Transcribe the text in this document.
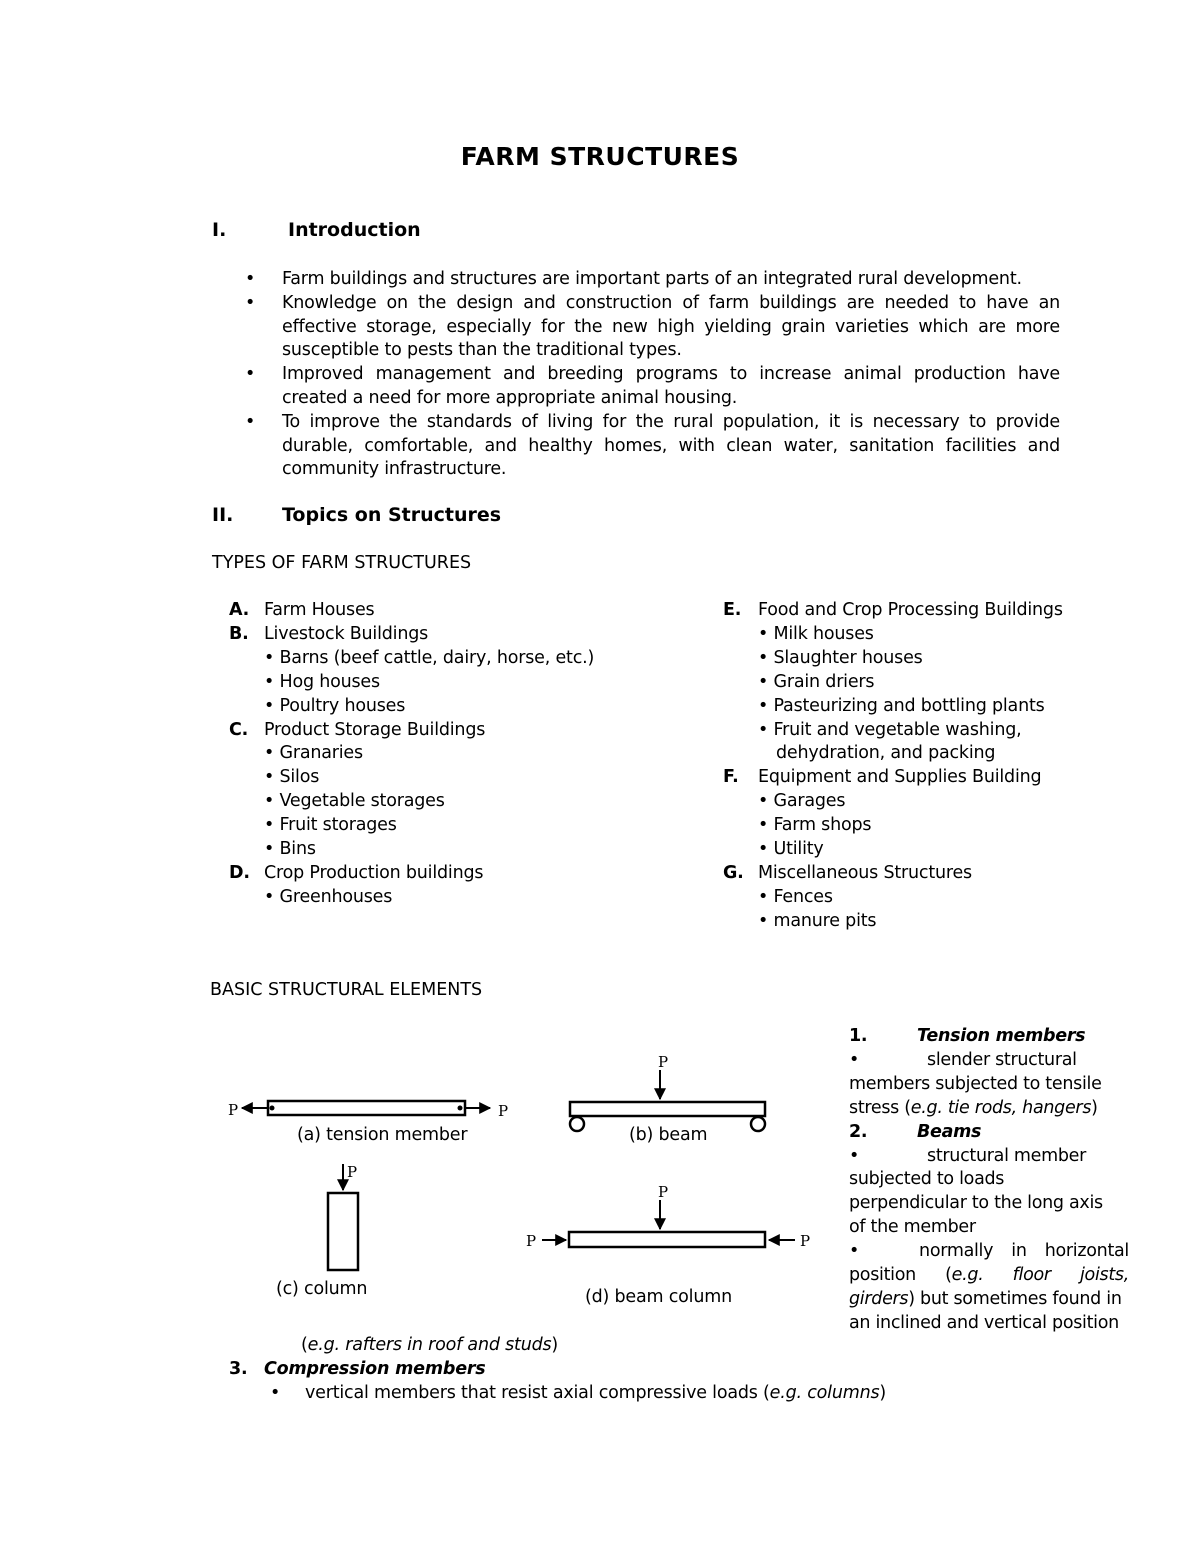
FARM STRUCTURES
I.	Introduction
• Farm buildings and structures are important parts of an integrated rural development.
• Knowledge on the design and construction of farm buildings are needed to have an effective storage, especially for the new high yielding grain varieties which are more susceptible to pests than the traditional types.
• Improved management and breeding programs to increase animal production have created a need for more appropriate animal housing.
• To improve the standards of living for the rural population, it is necessary to provide durable, comfortable, and healthy homes, with clean water, sanitation facilities and community infrastructure.
II.	Topics on Structures
TYPES OF FARM STRUCTURES
A. Farm Houses
B. Livestock Buildings
• Barns (beef cattle, dairy, horse, etc.)
• Hog houses
• Poultry houses
C. Product Storage Buildings
• Granaries
• Silos
• Vegetable storages
• Fruit storages
• Bins
D. Crop Production buildings
• Greenhouses
E. Food and Crop Processing Buildings
• Milk houses
• Slaughter houses
• Grain driers
• Pasteurizing and bottling plants
• Fruit and vegetable washing,
dehydration, and packing
F. Equipment and Supplies Building
• Garages
• Farm shops
• Utility
G. Miscellaneous Structures
• Fences
• manure pits
BASIC STRUCTURAL ELEMENTS
P	P
P
P
P
P	P
(a) tension member	(b) beam
(c) column	(d) beam column
1.	Tension members
•	slender structural
members subjected to tensile
stress (e.g. tie rods, hangers)
2.	Beams
•	structural member
subjected to loads
perpendicular to the long axis
of the member
•	normally in horizontal
position (e.g. floor joists,
girders) but sometimes found in
an inclined and vertical position
(e.g. rafters in roof and studs)
3. Compression members
• vertical members that resist axial compressive loads (e.g. columns)
